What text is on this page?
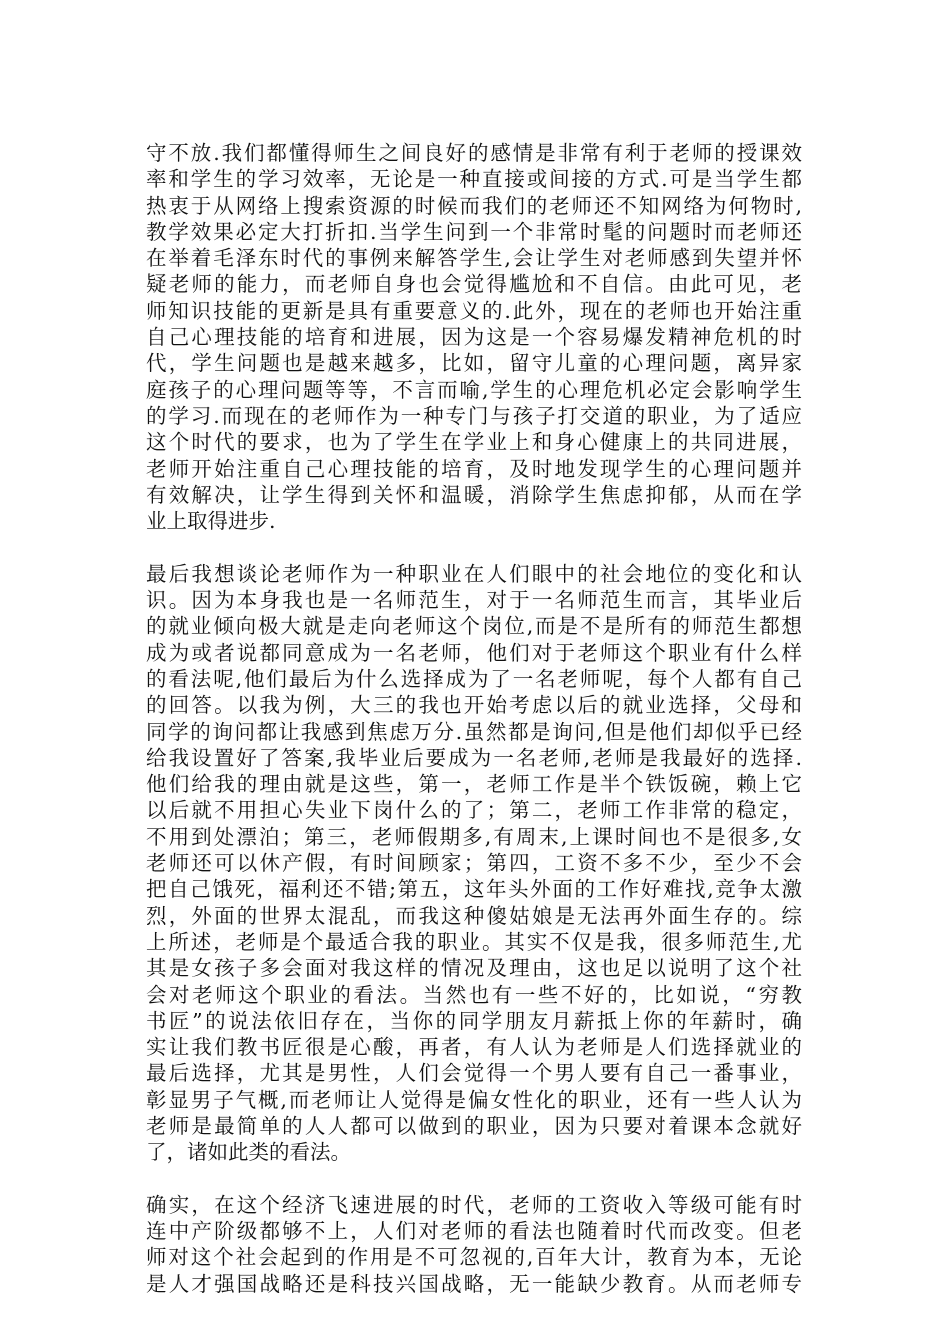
守不放.我们都懂得师生之间良好的感情是非常有利于老师的授课效
率和学生的学习效率，无论是一种直接或间接的方式.可是当学生都
热衷于从网络上搜索资源的时候而我们的老师还不知网络为何物时,
教学效果必定大打折扣.当学生问到一个非常时髦的问题时而老师还
在举着毛泽东时代的事例来解答学生,会让学生对老师感到失望并怀
疑老师的能力，而老师自身也会觉得尴尬和不自信。由此可见，老
师知识技能的更新是具有重要意义的.此外，现在的老师也开始注重
自己心理技能的培育和进展，因为这是一个容易爆发精神危机的时
代，学生问题也是越来越多，比如，留守儿童的心理问题，离异家
庭孩子的心理问题等等，不言而喻,学生的心理危机必定会影响学生
的学习.而现在的老师作为一种专门与孩子打交道的职业，为了适应
这个时代的要求，也为了学生在学业上和身心健康上的共同进展，
老师开始注重自己心理技能的培育，及时地发现学生的心理问题并
有效解决，让学生得到关怀和温暖，消除学生焦虑抑郁，从而在学
业上取得进步.
最后我想谈论老师作为一种职业在人们眼中的社会地位的变化和认
识。因为本身我也是一名师范生，对于一名师范生而言，其毕业后
的就业倾向极大就是走向老师这个岗位,而是不是所有的师范生都想
成为或者说都同意成为一名老师，他们对于老师这个职业有什么样
的看法呢,他们最后为什么选择成为了一名老师呢，每个人都有自己
的回答。以我为例，大三的我也开始考虑以后的就业选择，父母和
同学的询问都让我感到焦虑万分.虽然都是询问,但是他们却似乎已经
给我设置好了答案,我毕业后要成为一名老师,老师是我最好的选择.
他们给我的理由就是这些，第一，老师工作是半个铁饭碗，赖上它
以后就不用担心失业下岗什么的了；第二，老师工作非常的稳定，
不用到处漂泊；第三，老师假期多,有周末,上课时间也不是很多,女
老师还可以休产假，有时间顾家；第四，工资不多不少，至少不会
把自己饿死，福利还不错;第五，这年头外面的工作好难找,竞争太激
烈，外面的世界太混乱，而我这种傻姑娘是无法再外面生存的。综
上所述，老师是个最适合我的职业。其实不仅是我，很多师范生,尤
其是女孩子多会面对我这样的情况及理由，这也足以说明了这个社
会对老师这个职业的看法。当然也有一些不好的，比如说，“穷教
书匠”的说法依旧存在，当你的同学朋友月薪抵上你的年薪时，确
实让我们教书匠很是心酸，再者，有人认为老师是人们选择就业的
最后选择，尤其是男性，人们会觉得一个男人要有自己一番事业，
彰显男子气概,而老师让人觉得是偏女性化的职业，还有一些人认为
老师是最简单的人人都可以做到的职业，因为只要对着课本念就好
了，诸如此类的看法。
确实，在这个经济飞速进展的时代，老师的工资收入等级可能有时
连中产阶级都够不上，人们对老师的看法也随着时代而改变。但老
师对这个社会起到的作用是不可忽视的,百年大计，教育为本，无论
是人才强国战略还是科技兴国战略，无一能缺少教育。从而老师专
